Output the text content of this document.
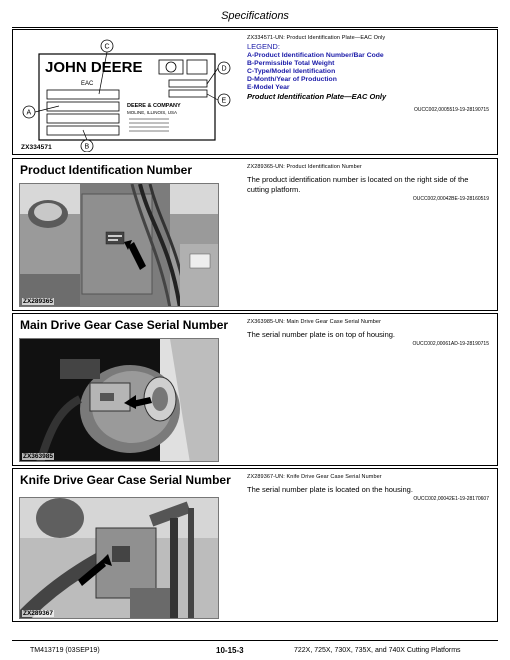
Specifications
JOHN DEERE
EAC
DEERE & COMPANY
MOLINE, ILLINOIS, USA
C
D
E
A
B
ZX334571
ZX334571-UN: Product Identification Plate—EAC Only
LEGEND:
A-Product Identification Number/Bar Code
B-Permissible Total Weight
C-Type/Model Identification
D-Month/Year of Production
E-Model Year
Product Identification Plate—EAC Only
OUCC002,0005519-19-28190715
Product Identification Number
ZX289365
ZX289365-UN: Product Identification Number
The product identification number is located on the right side of the cutting platform.
OUCC002,00042BE-19-28160519
Main Drive Gear Case Serial Number
ZX363985
ZX363985-UN: Main Drive Gear Case Serial Number
The serial number plate is on top of housing.
OUCC002,00061AD-19-28190715
Knife Drive Gear Case Serial Number
ZX289367
ZX289367-UN: Knife Drive Gear Case Serial Number
The serial number plate is located on the housing.
OUCC002,00042E1-19-28170607
TM413719 (03SEP19)	10-15-3	722X, 725X, 730X, 735X, and 740X Cutting Platforms
